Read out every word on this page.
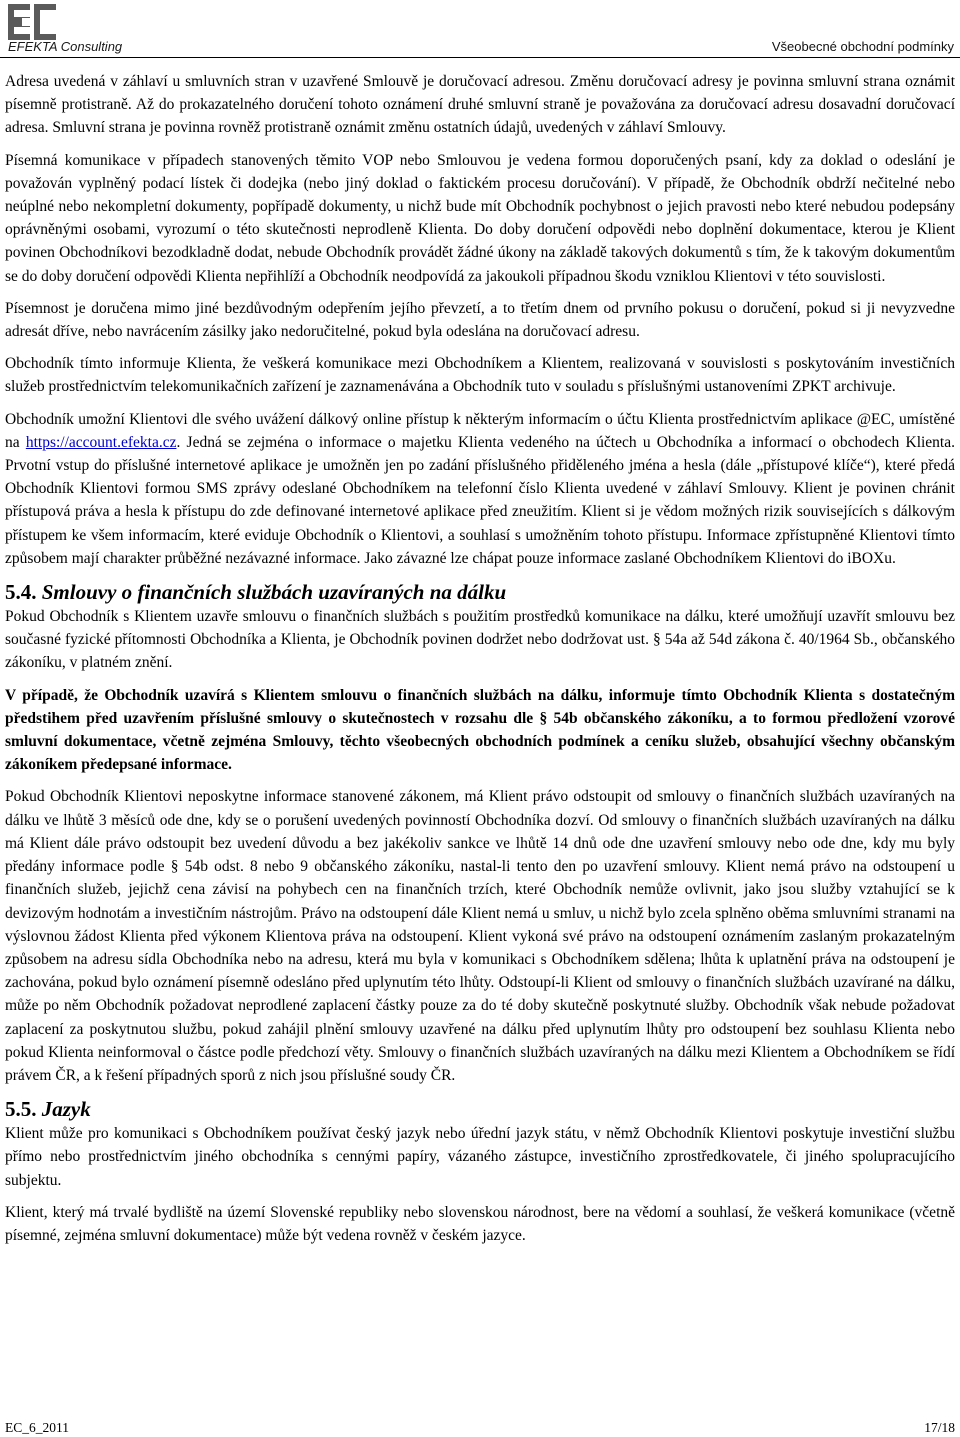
EFEKTA Consulting	Všeobecné obchodní podmínky

Adresa uvedená v záhlaví u smluvních stran v uzavřené Smlouvě je doručovací adresou. Změnu doručovací adresy je povinna smluvní strana oznámit písemně protistraně. Až do prokazatelného doručení tohoto oznámení druhé smluvní straně je považována za doručovací adresu dosavadní doručovací adresa. Smluvní strana je povinna rovněž protistraně oznámit změnu ostatních údajů, uvedených v záhlaví Smlouvy.

Písemná komunikace v případech stanovených těmito VOP nebo Smlouvou je vedena formou doporučených psaní, kdy za doklad o odeslání je považován vyplněný podací lístek či dodejka (nebo jiný doklad o faktickém procesu doručování). V případě, že Obchodník obdrží nečitelné nebo neúplné nebo nekompletní dokumenty, popřípadě dokumenty, u nichž bude mít Obchodník pochybnost o jejich pravosti nebo které nebudou podepsány oprávněnými osobami, vyrozumí o této skutečnosti neprodleně Klienta. Do doby doručení odpovědi nebo doplnění dokumentace, kterou je Klient povinen Obchodníkovi bezodkladně dodat, nebude Obchodník provádět žádné úkony na základě takových dokumentů s tím, že k takovým dokumentům se do doby doručení odpovědi Klienta nepřihlíží a Obchodník neodpovídá za jakoukoli případnou škodu vzniklou Klientovi v této souvislosti.

Písemnost je doručena mimo jiné bezdůvodným odepřením jejího převzetí, a to třetím dnem od prvního pokusu o doručení, pokud si ji nevyzvedne adresát dříve, nebo navrácením zásilky jako nedoručitelné, pokud byla odeslána na doručovací adresu.

Obchodník tímto informuje Klienta, že veškerá komunikace mezi Obchodníkem a Klientem, realizovaná v souvislosti s poskytováním investičních služeb prostřednictvím telekomunikačních zařízení je zaznamenávána a Obchodník tuto v souladu s příslušnými ustanoveními ZPKT archivuje.

Obchodník umožní Klientovi dle svého uvážení dálkový online přístup k některým informacím o účtu Klienta prostřednictvím aplikace @EC, umístěné na https://account.efekta.cz. Jedná se zejména o informace o majetku Klienta vedeného na účtech u Obchodníka a informací o obchodech Klienta. Prvotní vstup do příslušné internetové aplikace je umožněn jen po zadání příslušného přiděleného jména a hesla (dále „přístupové klíče“), které předá Obchodník Klientovi formou SMS zprávy odeslané Obchodníkem na telefonní číslo Klienta uvedené v záhlaví Smlouvy. Klient je povinen chránit přístupová práva a hesla k přístupu do zde definované internetové aplikace před zneužitím. Klient si je vědom možných rizik souvisejících s dálkovým přístupem ke všem informacím, které eviduje Obchodník o Klientovi, a souhlasí s umožněním tohoto přístupu. Informace zpřístupněné Klientovi tímto způsobem mají charakter průběžné nezávazné informace. Jako závazné lze chápat pouze informace zaslané Obchodníkem Klientovi do iBOXu.

5.4. Smlouvy o finančních službách uzavíraných na dálku

Pokud Obchodník s Klientem uzavře smlouvu o finančních službách s použitím prostředků komunikace na dálku, které umožňují uzavřít smlouvu bez současné fyzické přítomnosti Obchodníka a Klienta, je Obchodník povinen dodržet nebo dodržovat ust. § 54a až 54d zákona č. 40/1964 Sb., občanského zákoníku, v platném znění.

V případě, že Obchodník uzavírá s Klientem smlouvu o finančních službách na dálku, informuje tímto Obchodník Klienta s dostatečným předstihem před uzavřením příslušné smlouvy o skutečnostech v rozsahu dle § 54b občanského zákoníku, a to formou předložení vzorové smluvní dokumentace, včetně zejména Smlouvy, těchto všeobecných obchodních podmínek a ceníku služeb, obsahující všechny občanským zákoníkem předepsané informace.

Pokud Obchodník Klientovi neposkytne informace stanovené zákonem, má Klient právo odstoupit od smlouvy o finančních službách uzavíraných na dálku ve lhůtě 3 měsíců ode dne, kdy se o porušení uvedených povinností Obchodníka dozví. Od smlouvy o finančních službách uzavíraných na dálku má Klient dále právo odstoupit bez uvedení důvodu a bez jakékoliv sankce ve lhůtě 14 dnů ode dne uzavření smlouvy nebo ode dne, kdy mu byly předány informace podle § 54b odst. 8 nebo 9 občanského zákoníku, nastal-li tento den po uzavření smlouvy. Klient nemá právo na odstoupení u finančních služeb, jejichž cena závisí na pohybech cen na finančních trzích, které Obchodník nemůže ovlivnit, jako jsou služby vztahující se k devizovým hodnotám a investičním nástrojům. Právo na odstoupení dále Klient nemá u smluv, u nichž bylo zcela splněno oběma smluvními stranami na výslovnou žádost Klienta před výkonem Klientova práva na odstoupení. Klient vykoná své právo na odstoupení oznámením zaslaným prokazatelným způsobem na adresu sídla Obchodníka nebo na adresu, která mu byla v komunikaci s Obchodníkem sdělena; lhůta k uplatnění práva na odstoupení je zachována, pokud bylo oznámení písemně odesláno před uplynutím této lhůty. Odstoupí-li Klient od smlouvy o finančních službách uzavírané na dálku, může po něm Obchodník požadovat neprodlené zaplacení částky pouze za do té doby skutečně poskytnuté služby. Obchodník však nebude požadovat zaplacení za poskytnutou službu, pokud zahájil plnění smlouvy uzavřené na dálku před uplynutím lhůty pro odstoupení bez souhlasu Klienta nebo pokud Klienta neinformoval o částce podle předchozí věty. Smlouvy o finančních službách uzavíraných na dálku mezi Klientem a Obchodníkem se řídí právem ČR, a k řešení případných sporů z nich jsou příslušné soudy ČR.

5.5. Jazyk

Klient může pro komunikaci s Obchodníkem používat český jazyk nebo úřední jazyk státu, v němž Obchodník Klientovi poskytuje investiční službu přímo nebo prostřednictvím jiného obchodníka s cennými papíry, vázaného zástupce, investičního zprostředkovatele, či jiného spolupracujícího subjektu.

Klient, který má trvalé bydliště na území Slovenské republiky nebo slovenskou národnost, bere na vědomí a souhlasí, že veškerá komunikace (včetně písemné, zejména smluvní dokumentace) může být vedena rovněž v českém jazyce.

EC_6_2011	17/18
